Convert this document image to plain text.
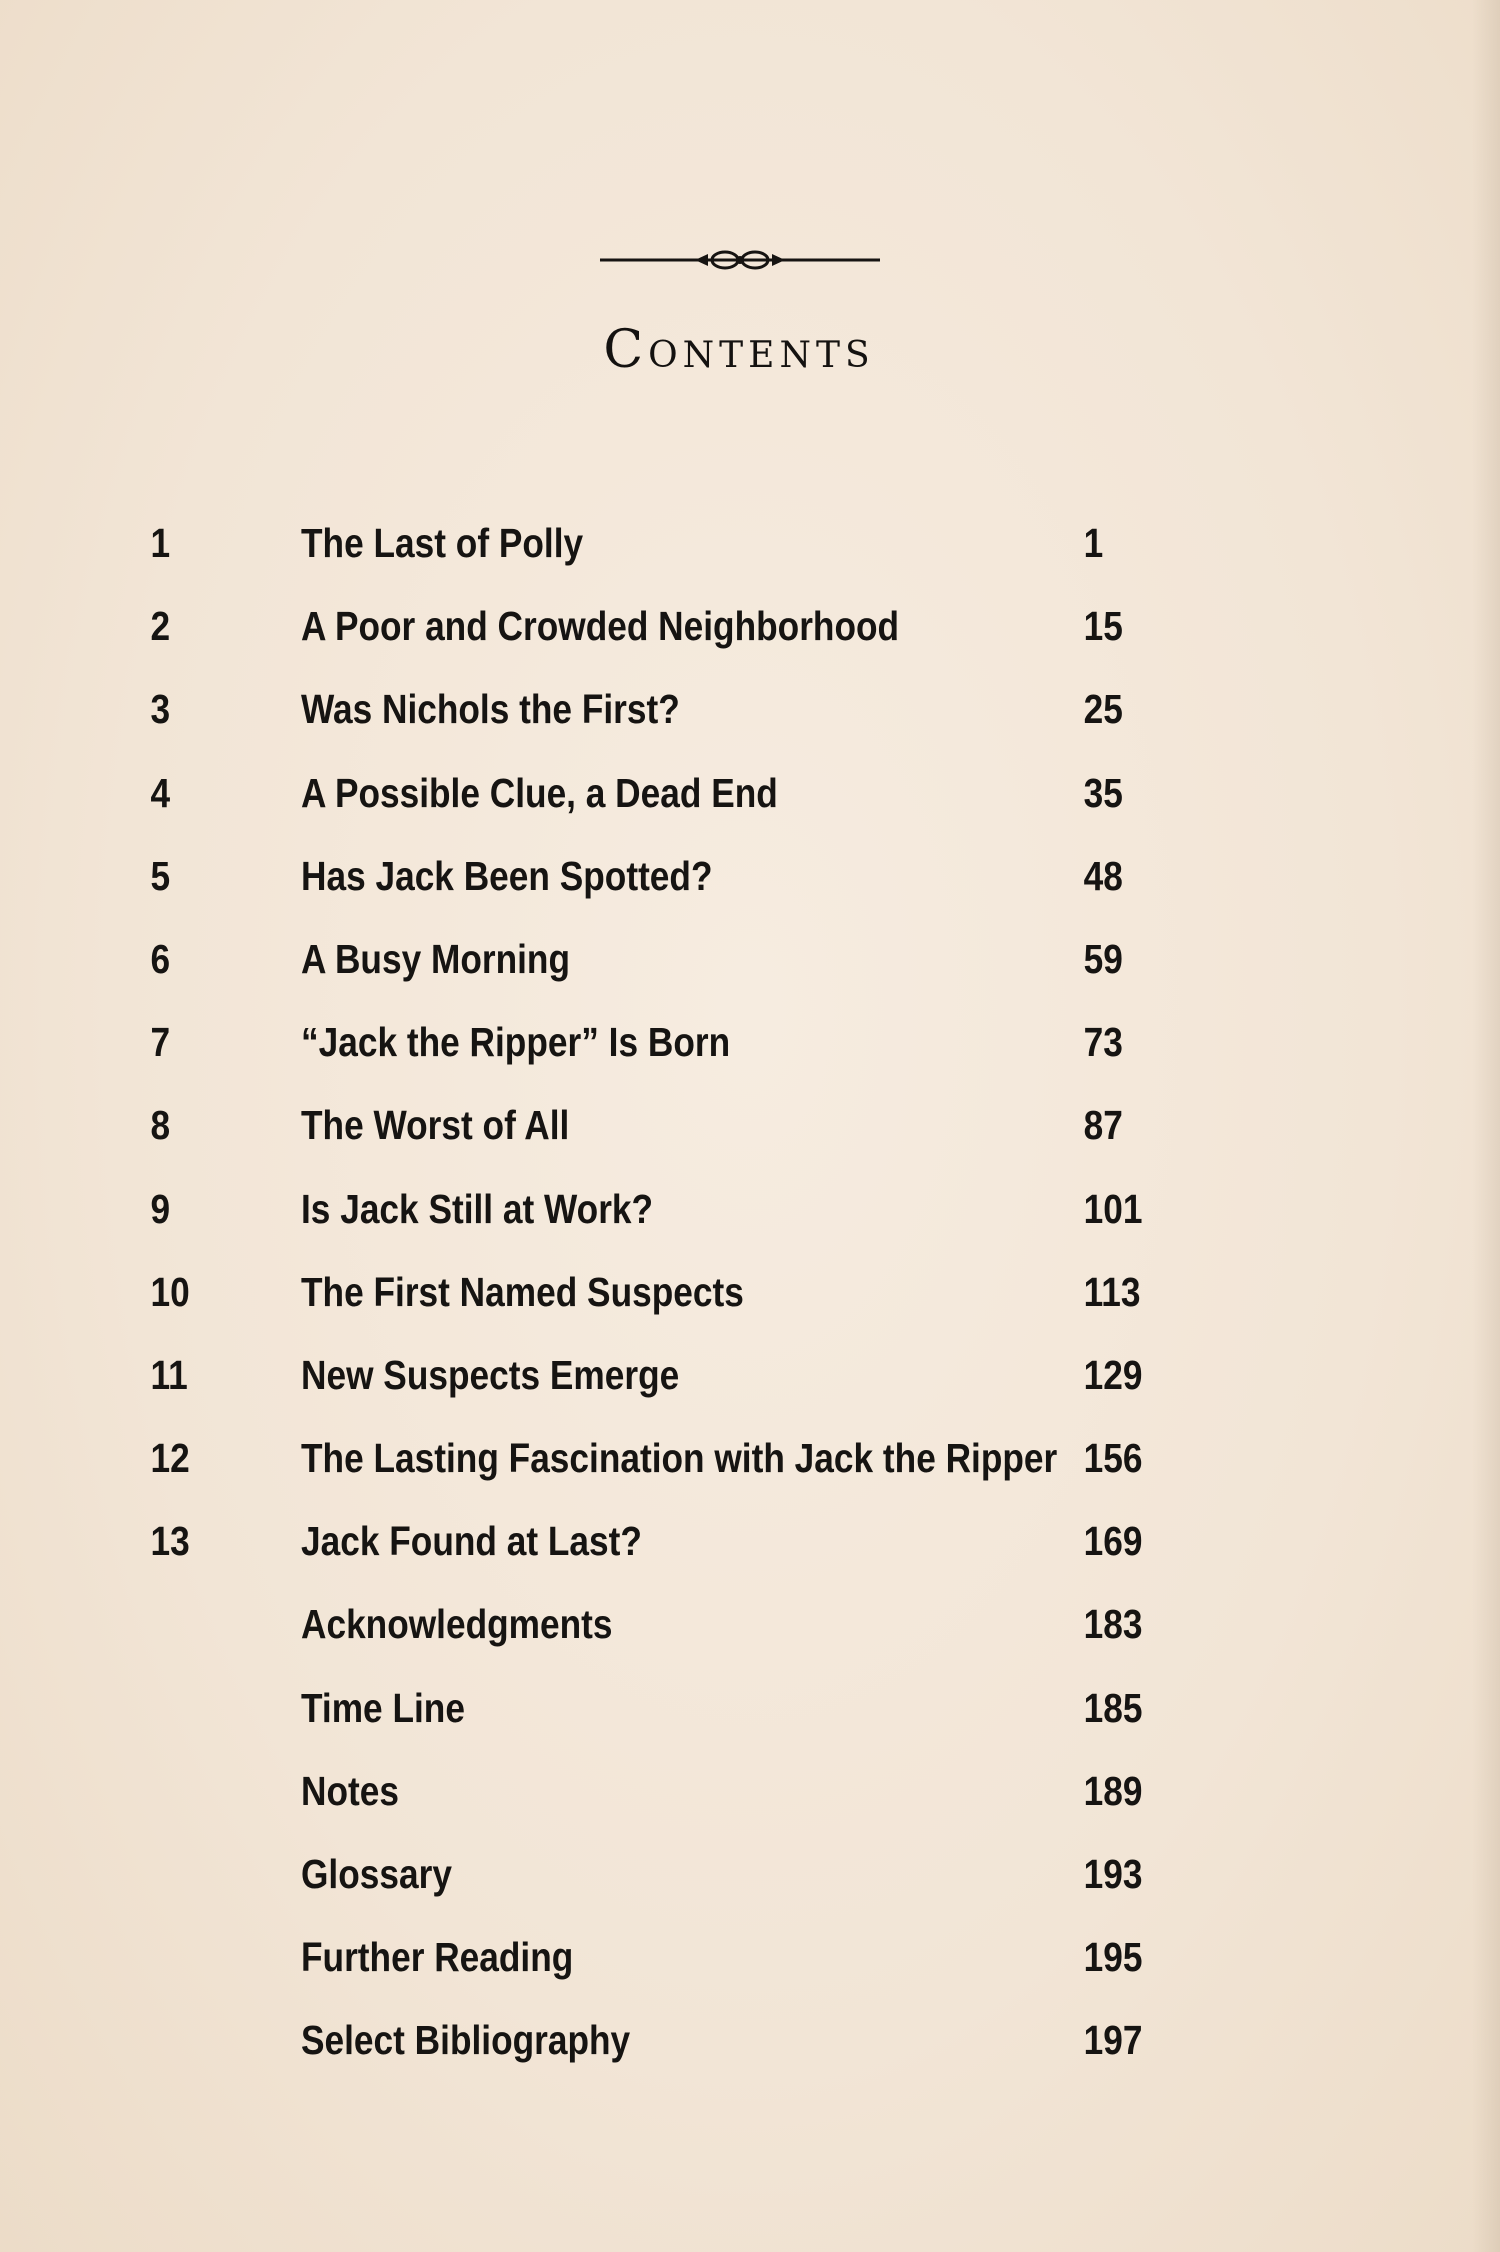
Contents
1	The Last of Polly	1
2	A Poor and Crowded Neighborhood	15
3	Was Nichols the First?	25
4	A Possible Clue, a Dead End	35
5	Has Jack Been Spotted?	48
6	A Busy Morning	59
7	“Jack the Ripper” Is Born	73
8	The Worst of All	87
9	Is Jack Still at Work?	101
10	The First Named Suspects	113
11	New Suspects Emerge	129
12	The Lasting Fascination with Jack the Ripper 156
13	Jack Found at Last?	169
Acknowledgments	183
Time Line	185
Notes	189
Glossary	193
Further Reading	195
Select Bibliography	197
